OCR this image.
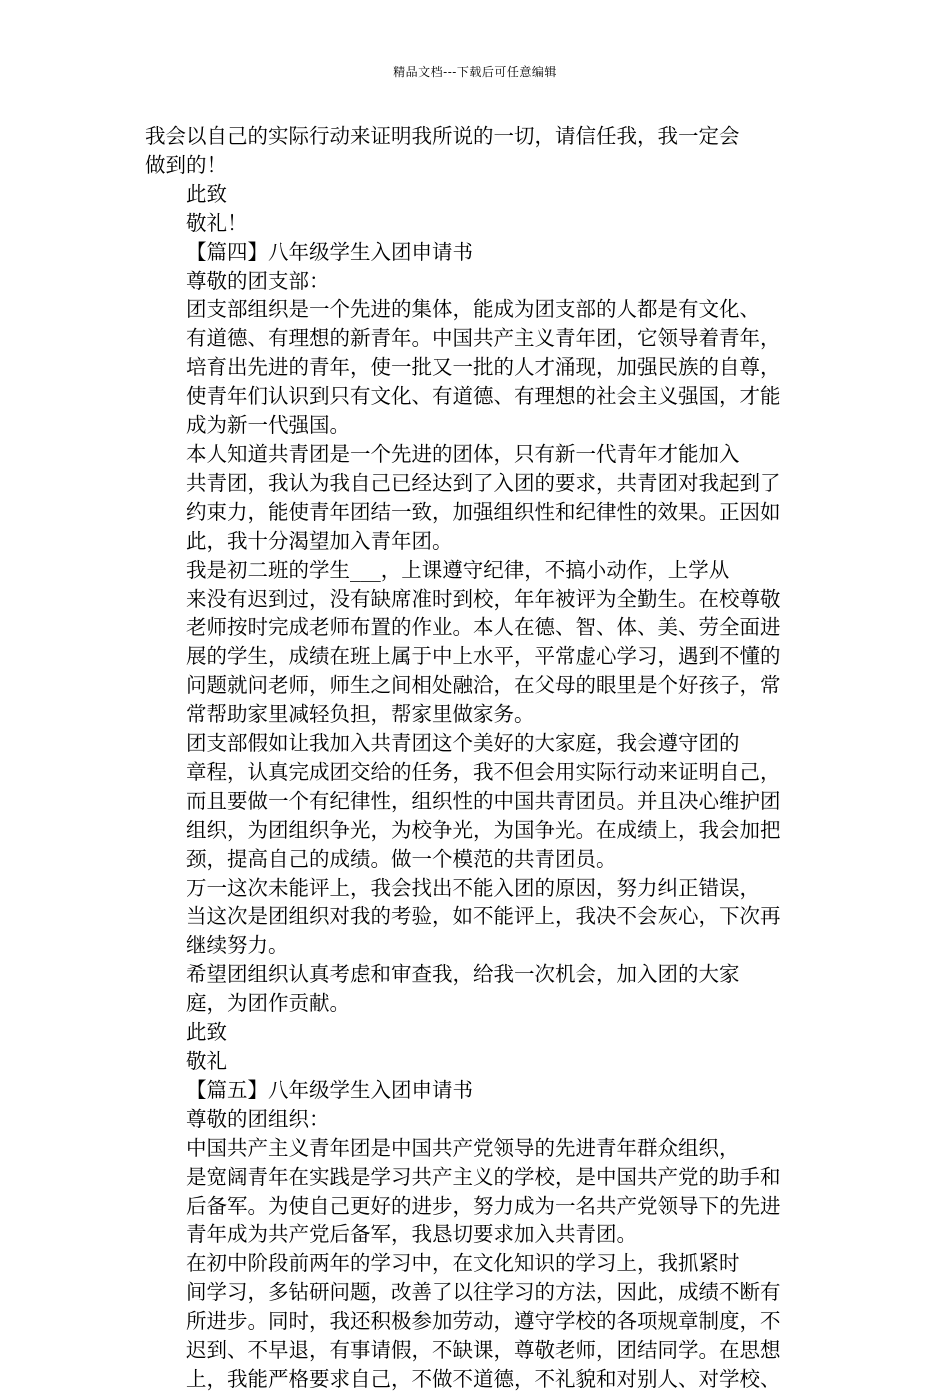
精品文档---下载后可任意编辑
我会以自己的实际行动来证明我所说的一切，请信任我，我一定会
做到的！
此致
敬礼！
【篇四】八年级学生入团申请书
尊敬的团支部：
团支部组织是一个先进的集体，能成为团支部的人都是有文化、
有道德、有理想的新青年。中国共产主义青年团，它领导着青年，
培育出先进的青年，使一批又一批的人才涌现，加强民族的自尊，
使青年们认识到只有文化、有道德、有理想的社会主义强国，才能
成为新一代强国。
本人知道共青团是一个先进的团体，只有新一代青年才能加入
共青团，我认为我自己已经达到了入团的要求，共青团对我起到了
约束力，能使青年团结一致，加强组织性和纪律性的效果。正因如
此，我十分渴望加入青年团。
我是初二班的学生___，上课遵守纪律，不搞小动作，上学从
来没有迟到过，没有缺席准时到校，年年被评为全勤生。在校尊敬
老师按时完成老师布置的作业。本人在德、智、体、美、劳全面进
展的学生，成绩在班上属于中上水平，平常虚心学习，遇到不懂的
问题就问老师，师生之间相处融洽，在父母的眼里是个好孩子，常
常帮助家里减轻负担，帮家里做家务。
团支部假如让我加入共青团这个美好的大家庭，我会遵守团的
章程，认真完成团交给的任务，我不但会用实际行动来证明自己，
而且要做一个有纪律性，组织性的中国共青团员。并且决心维护团
组织，为团组织争光，为校争光，为国争光。在成绩上，我会加把
颈，提高自己的成绩。做一个模范的共青团员。
万一这次未能评上，我会找出不能入团的原因，努力纠正错误，
当这次是团组织对我的考验，如不能评上，我决不会灰心，下次再
继续努力。
希望团组织认真考虑和审查我，给我一次机会，加入团的大家
庭，为团作贡献。
此致
敬礼
【篇五】八年级学生入团申请书
尊敬的团组织：
中国共产主义青年团是中国共产党领导的先进青年群众组织，
是宽阔青年在实践是学习共产主义的学校，是中国共产党的助手和
后备军。为使自己更好的进步，努力成为一名共产党领导下的先进
青年成为共产党后备军，我恳切要求加入共青团。
在初中阶段前两年的学习中，在文化知识的学习上，我抓紧时
间学习，多钻研问题，改善了以往学习的方法，因此，成绩不断有
所进步。同时，我还积极参加劳动，遵守学校的各项规章制度，不
迟到、不早退，有事请假，不缺课，尊敬老师，团结同学。在思想
上，我能严格要求自己，不做不道德，不礼貌和对别人、对学校、
